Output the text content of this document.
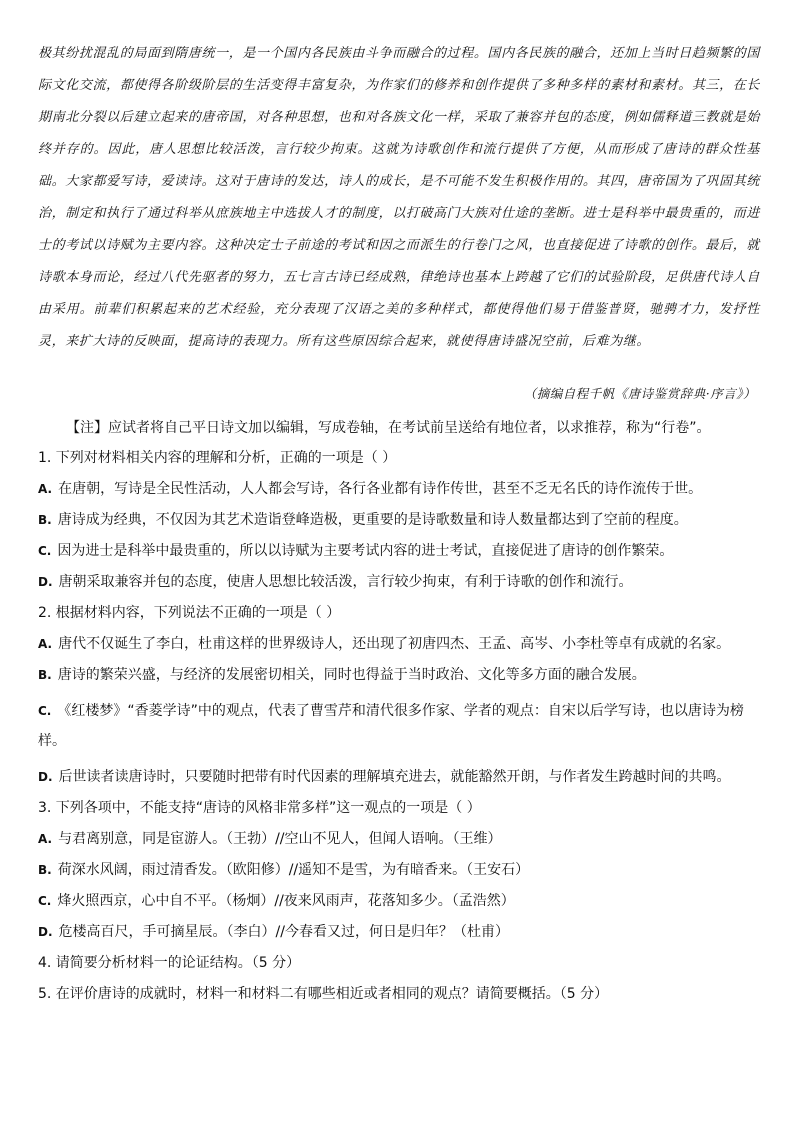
极其纷扰混乱的局面到隋唐统一，是一个国内各民族由斗争而融合的过程。国内各民族的融合，还加上当时日趋频繁的国际文化交流，都使得各阶级阶层的生活变得丰富复杂，为作家们的修养和创作提供了多种多样的素材和素材。其三，在长期南北分裂以后建立起来的唐帝国，对各种思想，也和对各族文化一样，采取了兼容并包的态度，例如儒释道三教就是始终并存的。因此，唐人思想比较活泼，言行较少拘束。这就为诗歌创作和流行提供了方便，从而形成了唐诗的群众性基础。大家都爱写诗，爱读诗。这对于唐诗的发达，诗人的成长，是不可能不发生积极作用的。其四，唐帝国为了巩固其统治，制定和执行了通过科举从庶族地主中选拔人才的制度，以打破高门大族对仕途的垄断。进士是科举中最贵重的，而进士的考试以诗赋为主要内容。这种决定士子前途的考试和因之而派生的行卷门之风，也直接促进了诗歌的创作。最后，就诗歌本身而论，经过八代先驱者的努力，五七言古诗已经成熟，律绝诗也基本上跨越了它们的试验阶段，足供唐代诗人自由采用。前辈们积累起来的艺术经验，充分表现了汉语之美的多种样式，都使得他们易于借鉴普贤，驰骋才力，发抒性灵，来扩大诗的反映面，提高诗的表现力。所有这些原因综合起来，就使得唐诗盛况空前，后难为继。

（摘编自程千帆《唐诗鉴赏辞典·序言》）
【注】应试者将自己平日诗文加以编辑，写成卷轴，在考试前呈送给有地位者，以求推荐，称为“行卷”。
1. 下列对材料相关内容的理解和分析，正确的一项是（ ）
A. 在唐朝，写诗是全民性活动，人人都会写诗，各行各业都有诗作传世，甚至不乏无名氏的诗作流传于世。
B. 唐诗成为经典，不仅因为其艺术造诣登峰造极，更重要的是诗歌数量和诗人数量都达到了空前的程度。
C. 因为进士是科举中最贵重的，所以以诗赋为主要考试内容的进士考试，直接促进了唐诗的创作繁荣。
D. 唐朝采取兼容并包的态度，使唐人思想比较活泼，言行较少拘束，有利于诗歌的创作和流行。
2. 根据材料内容，下列说法不正确的一项是（ ）
A. 唐代不仅诞生了李白，杜甫这样的世界级诗人，还出现了初唐四杰、王孟、高岑、小李杜等卓有成就的名家。
B. 唐诗的繁荣兴盛，与经济的发展密切相关，同时也得益于当时政治、文化等多方面的融合发展。
C. 《红楼梦》“香菱学诗”中的观点，代表了曹雪芹和清代很多作家、学者的观点：自宋以后学写诗，也以唐诗为榜样。
D. 后世读者读唐诗时，只要随时把带有时代因素的理解填充进去，就能豁然开朗，与作者发生跨越时间的共鸣。
3. 下列各项中，不能支持“唐诗的风格非常多样”这一观点的一项是（ ）
A. 与君离别意，同是宦游人。（王勃）//空山不见人，但闻人语响。（王维）
B. 荷深水风阔，雨过清香发。（欧阳修）//遥知不是雪，为有暗香来。（王安石）
C. 烽火照西京，心中自不平。（杨炯）//夜来风雨声，花落知多少。（孟浩然）
D. 危楼高百尺，手可摘星辰。（李白）//今春看又过，何日是归年？（杜甫）
4. 请简要分析材料一的论证结构。（5 分）
5. 在评价唐诗的成就时，材料一和材料二有哪些相近或者相同的观点？请简要概括。（5 分）
